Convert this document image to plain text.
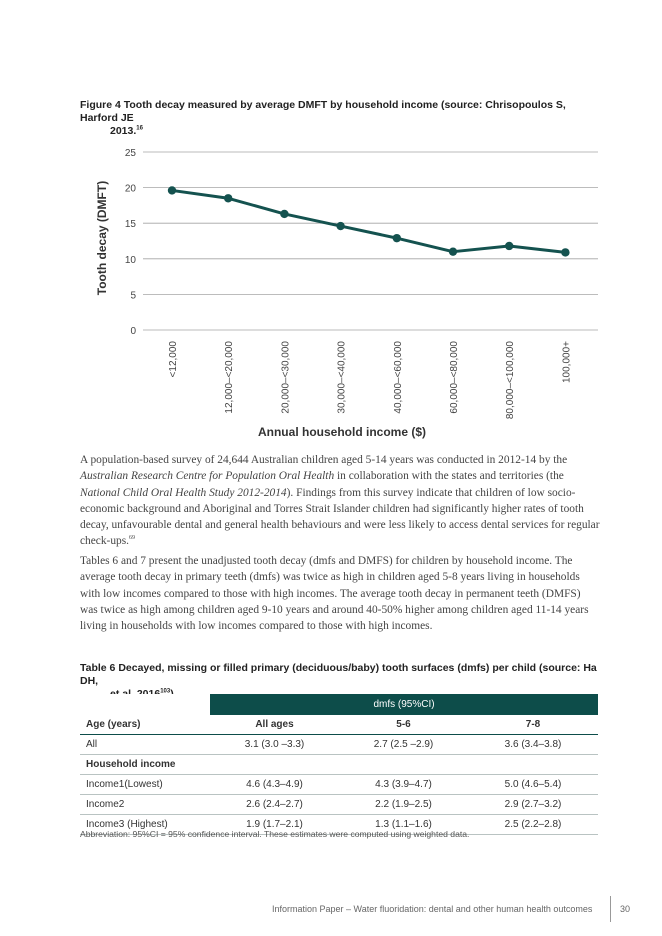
Figure 4 Tooth decay measured by average DMFT by household income (source: Chrisopoulos S, Harford JE
2013.16
0
5
10
15
20
25
<12,000	12,000–<20,000	20,000–<30,000	30,000–<40,000	40,000–<60,000	60,000–<80,000	80,000–<100,000	100,000+
Tooth decay (DMFT)
Annual household income ($)
A population-based survey of 24,644 Australian children aged 5-14 years was conducted in 2012-14 by the Australian Research Centre for Population Oral Health in collaboration with the states and territories (the National Child Oral Health Study 2012-2014). Findings from this survey indicate that children of low socio-economic background and Aboriginal and Torres Strait Islander children had significantly higher rates of tooth decay, unfavourable dental and general health behaviours and were less likely to access dental services for regular check-ups.$^{69}$
Tables 6 and 7 present the unadjusted tooth decay (dmfs and DMFS) for children by household income. The average tooth decay in primary teeth (dmfs) was twice as high in children aged 5-8 years living in households with low incomes compared to those with high incomes. The average tooth decay in permanent teeth (DMFS) was twice as high among children aged 9-10 years and around 40-50% higher among children aged 11-14 years living in households with low incomes compared to those with high incomes.
Table 6 Decayed, missing or filled primary (deciduous/baby) tooth surfaces (dmfs) per child (source: Ha DH,
$^{103}$
	dmfs (95%CI)		
Age (years)	All ages	5-6	7-8
All	3.1 (3.0 –3.3)	2.7 (2.5 –2.9)	3.6 (3.4–3.8)
Household income			
Income1(Lowest)	4.6 (4.3–4.9)	4.3 (3.9–4.7)	5.0 (4.6–5.4)
Income2	2.6 (2.4–2.7)	2.2 (1.9–2.5)	2.9 (2.7–3.2)
Income3 (Highest)	1.9 (1.7–2.1)	1.3 (1.1–1.6)	2.5 (2.2–2.8)
Abbreviation: 95%CI = 95% confidence interval. These estimates were computed using weighted data.
Information Paper – Water fluoridation: dental and other human health outcomes	30
